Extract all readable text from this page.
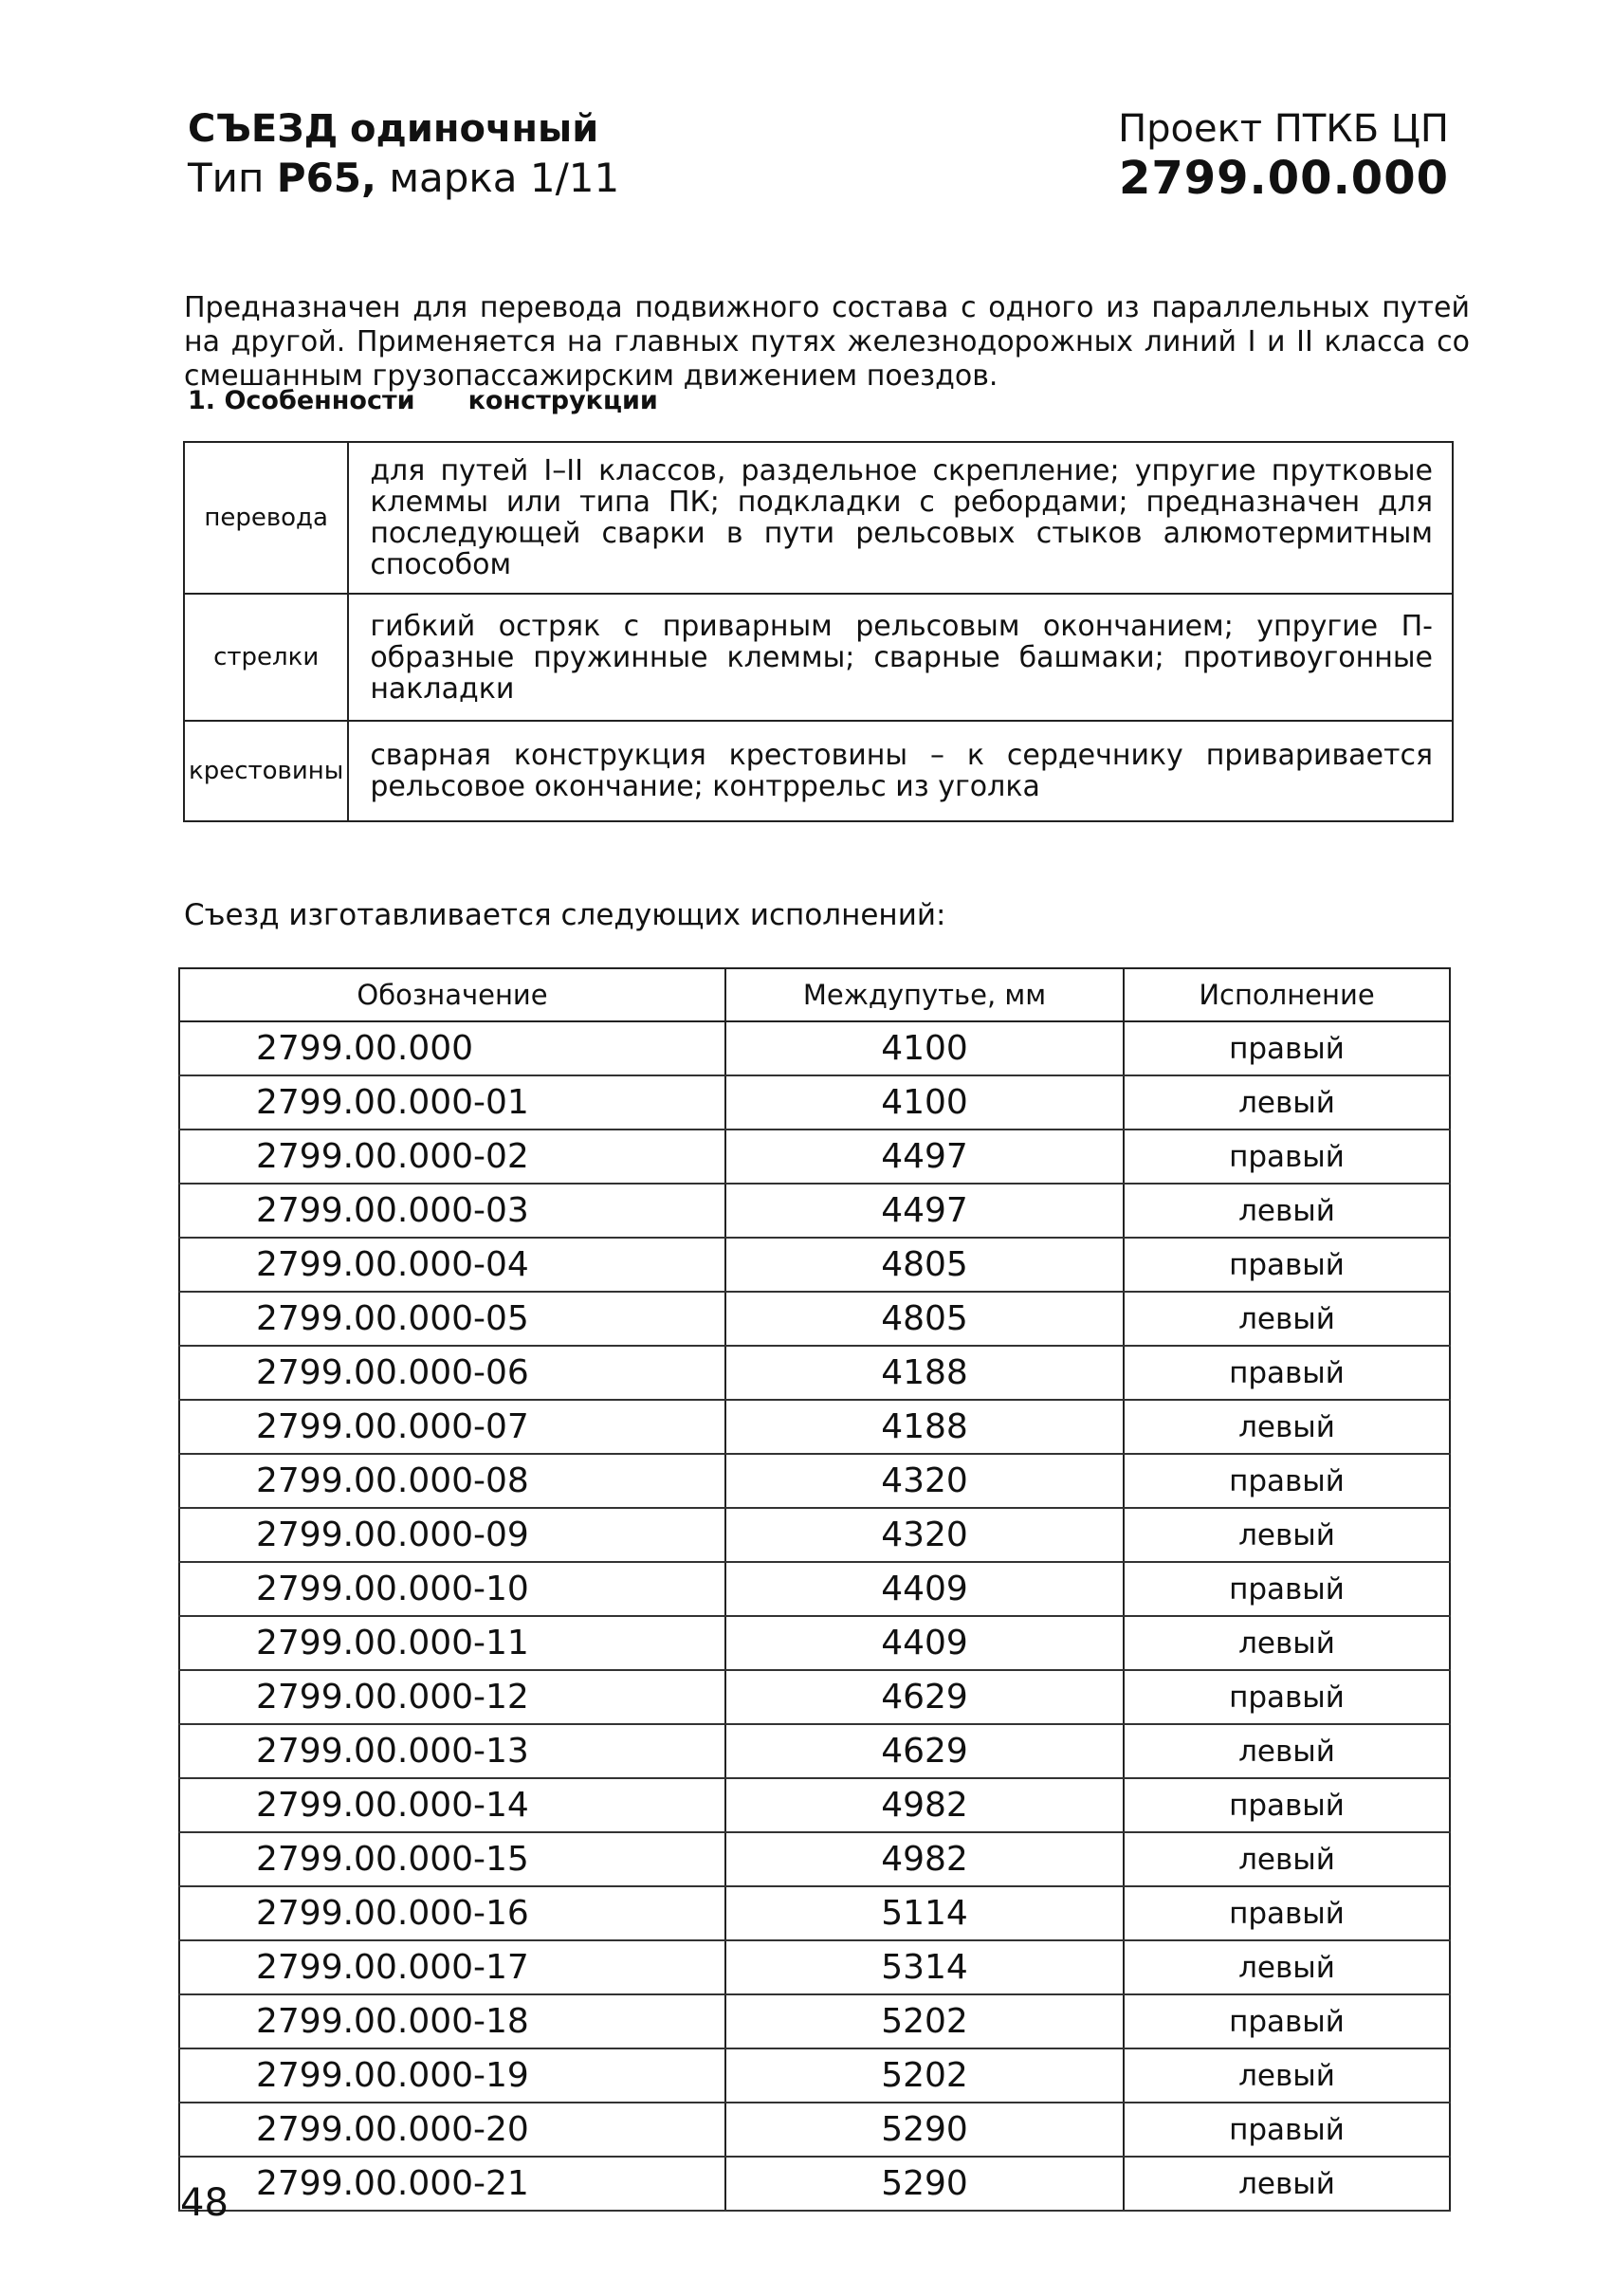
СЪЕЗД одиночный
Тип Р65, марка 1/11
Проект ПТКБ ЦП
2799.00.000

Предназначен для перевода подвижного состава с одного из параллельных путей на другой. Применяется на главных путях железнодорожных линий I и II класса со смешанным грузопассажирским движением поездов.

1. Особенности конструкции
перевода	для путей I–II классов, раздельное скрепление; упругие прутковые клеммы или типа ПК; подкладки с ребордами; предназначен для последующей сварки в пути рельсовых стыков алюмотермитным способом
стрелки	гибкий остряк с приварным рельсовым окончанием; упругие П-образные пружинные клеммы; сварные башмаки; противоугонные накладки
крестовины	сварная конструкция крестовины – к сердечнику приваривается рельсовое окончание; контррельс из уголка
Съезд изготавливается следующих исполнений:
Обозначение	Междупутье, мм	Исполнение
2799.00.000	4100	правый
2799.00.000-01	4100	левый
2799.00.000-02	4497	правый
2799.00.000-03	4497	левый
2799.00.000-04	4805	правый
2799.00.000-05	4805	левый
2799.00.000-06	4188	правый
2799.00.000-07	4188	левый
2799.00.000-08	4320	правый
2799.00.000-09	4320	левый
2799.00.000-10	4409	правый
2799.00.000-11	4409	левый
2799.00.000-12	4629	правый
2799.00.000-13	4629	левый
2799.00.000-14	4982	правый
2799.00.000-15	4982	левый
2799.00.000-16	5114	правый
2799.00.000-17	5314	левый
2799.00.000-18	5202	правый
2799.00.000-19	5202	левый
2799.00.000-20	5290	правый
2799.00.000-21	5290	левый
48
